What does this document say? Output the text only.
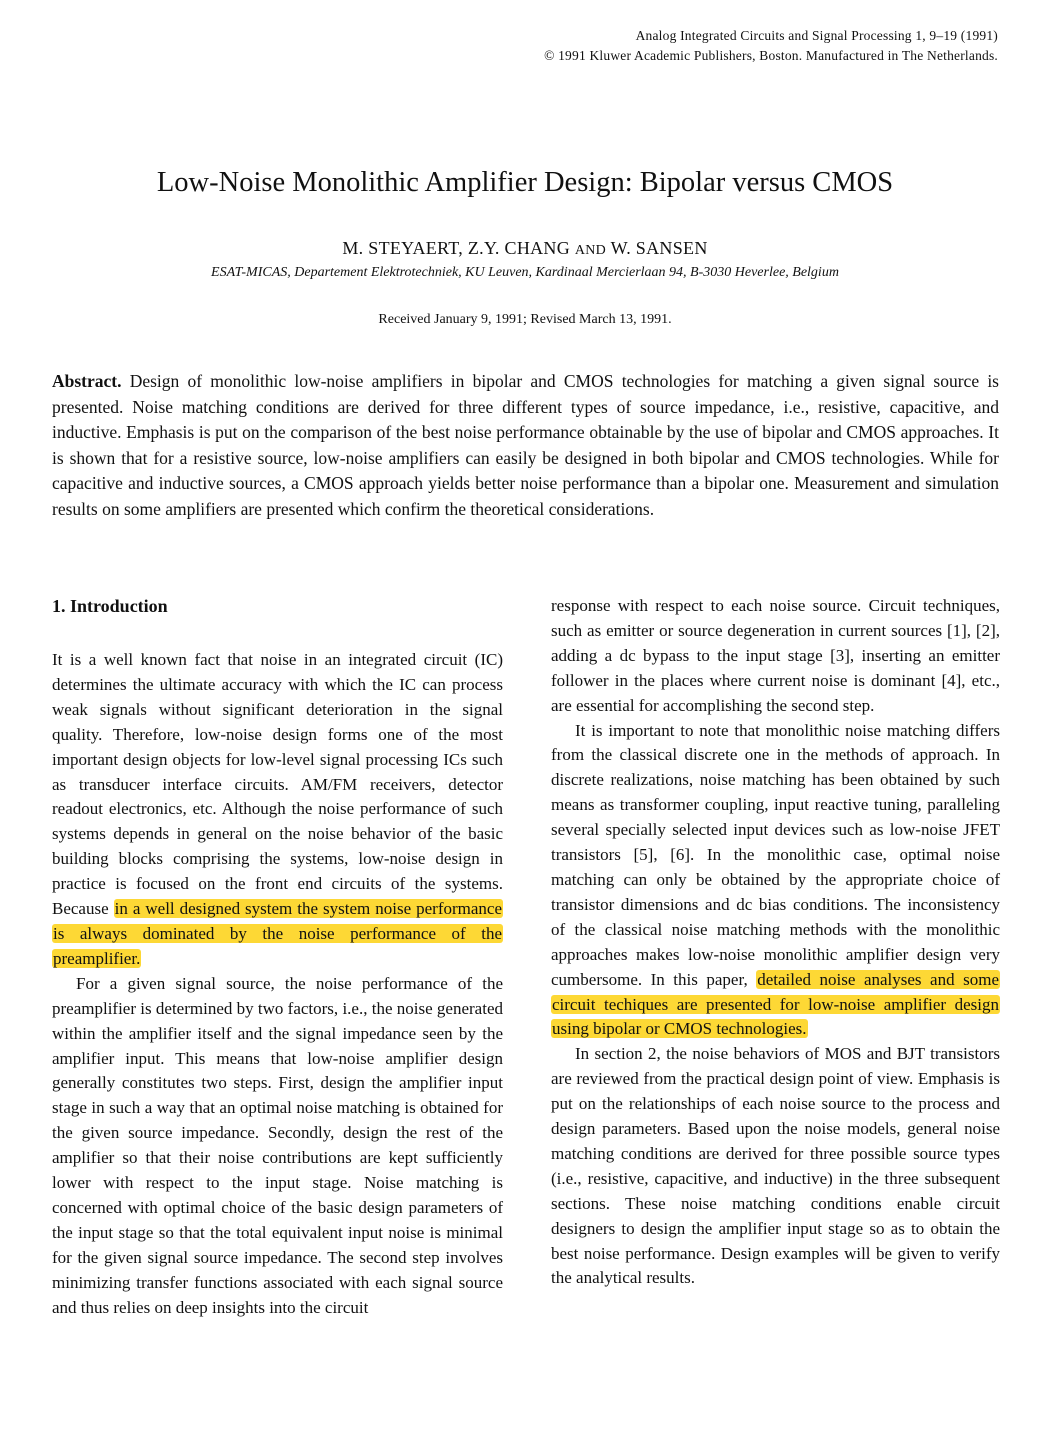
Analog Integrated Circuits and Signal Processing 1, 9–19 (1991)
© 1991 Kluwer Academic Publishers, Boston. Manufactured in The Netherlands.
Low-Noise Monolithic Amplifier Design: Bipolar versus CMOS
M. STEYAERT, Z.Y. CHANG AND W. SANSEN
ESAT-MICAS, Departement Elektrotechniek, KU Leuven, Kardinaal Mercierlaan 94, B-3030 Heverlee, Belgium
Received January 9, 1991; Revised March 13, 1991.
Abstract. Design of monolithic low-noise amplifiers in bipolar and CMOS technologies for matching a given signal source is presented. Noise matching conditions are derived for three different types of source impedance, i.e., resistive, capacitive, and inductive. Emphasis is put on the comparison of the best noise performance obtainable by the use of bipolar and CMOS approaches. It is shown that for a resistive source, low-noise amplifiers can easily be designed in both bipolar and CMOS technologies. While for capacitive and inductive sources, a CMOS approach yields better noise performance than a bipolar one. Measurement and simulation results on some amplifiers are presented which confirm the theoretical considerations.
1. Introduction

It is a well known fact that noise in an integrated circuit (IC) determines the ultimate accuracy with which the IC can process weak signals without significant deterioration in the signal quality. Therefore, low-noise design forms one of the most important design objects for low-level signal processing ICs such as transducer interface circuits. AM/FM receivers, detector readout electronics, etc. Although the noise performance of such systems depends in general on the noise behavior of the basic building blocks comprising the systems, low-noise design in practice is focused on the front end circuits of the systems. Because in a well designed system the system noise performance is always dominated by the noise performance of the preamplifier.

For a given signal source, the noise performance of the preamplifier is determined by two factors, i.e., the noise generated within the amplifier itself and the signal impedance seen by the amplifier input. This means that low-noise amplifier design generally constitutes two steps. First, design the amplifier input stage in such a way that an optimal noise matching is obtained for the given source impedance. Secondly, design the rest of the amplifier so that their noise contributions are kept sufficiently lower with respect to the input stage. Noise matching is concerned with optimal choice of the basic design parameters of the input stage so that the total equivalent input noise is minimal for the given signal source impedance. The second step involves minimizing transfer functions associated with each signal source and thus relies on deep insights into the circuit

response with respect to each noise source. Circuit techniques, such as emitter or source degeneration in current sources [1], [2], adding a dc bypass to the input stage [3], inserting an emitter follower in the places where current noise is dominant [4], etc., are essential for accomplishing the second step.

It is important to note that monolithic noise matching differs from the classical discrete one in the methods of approach. In discrete realizations, noise matching has been obtained by such means as transformer coupling, input reactive tuning, paralleling several specially selected input devices such as low-noise JFET transistors [5], [6]. In the monolithic case, optimal noise matching can only be obtained by the appropriate choice of transistor dimensions and dc bias conditions. The inconsistency of the classical noise matching methods with the monolithic approaches makes low-noise monolithic amplifier design very cumbersome. In this paper, detailed noise analyses and some circuit techiques are presented for low-noise amplifier design using bipolar or CMOS technologies.

In section 2, the noise behaviors of MOS and BJT transistors are reviewed from the practical design point of view. Emphasis is put on the relationships of each noise source to the process and design parameters. Based upon the noise models, general noise matching conditions are derived for three possible source types (i.e., resistive, capacitive, and inductive) in the three subsequent sections. These noise matching conditions enable circuit designers to design the amplifier input stage so as to obtain the best noise performance. Design examples will be given to verify the analytical results.
